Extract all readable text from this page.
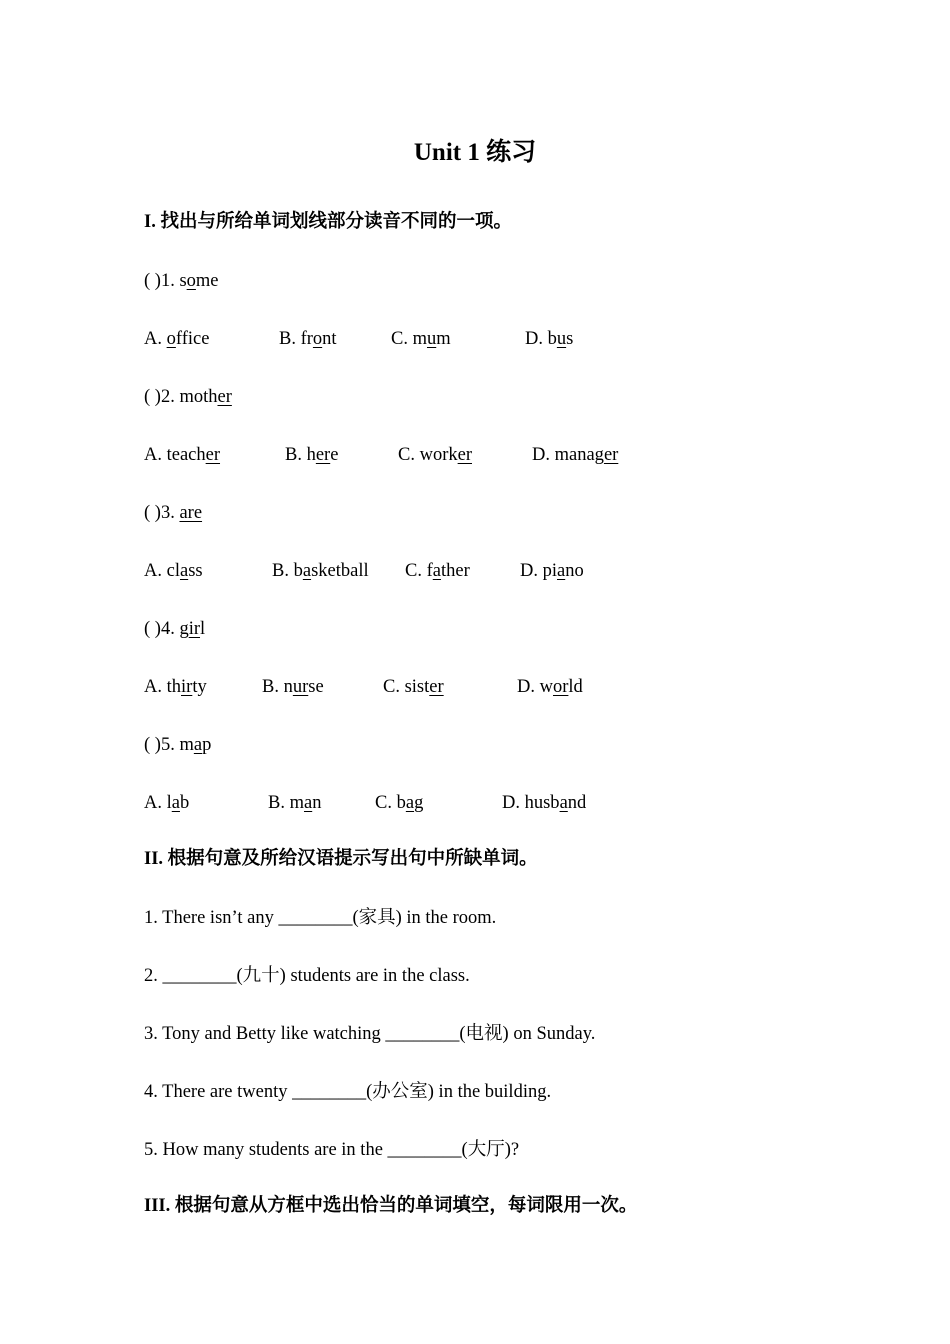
Unit 1 练习
I. 找出与所给单词划线部分读音不同的一项。
( )1. some
A. office	B. front	C. mum	D. bus
( )2. mother
A. teacher	B. here	C. worker	D. manager
( )3. are
A. class	B. basketball C. father	D. piano
( )4. girl
A. thirty	B. nurse	C. sister	D. world
( )5. map
A. lab	B. man	C. bag	D. husband
II. 根据句意及所给汉语提示写出句中所缺单词。
1. There isn’t any ________(家具) in the room.
2. ________(九十) students are in the class.
3. Tony and Betty like watching ________(电视) on Sunday.
4. There are twenty ________(办公室) in the building.
5. How many students are in the ________(大厅)?
III. 根据句意从方框中选出恰当的单词填空，每词限用一次。
